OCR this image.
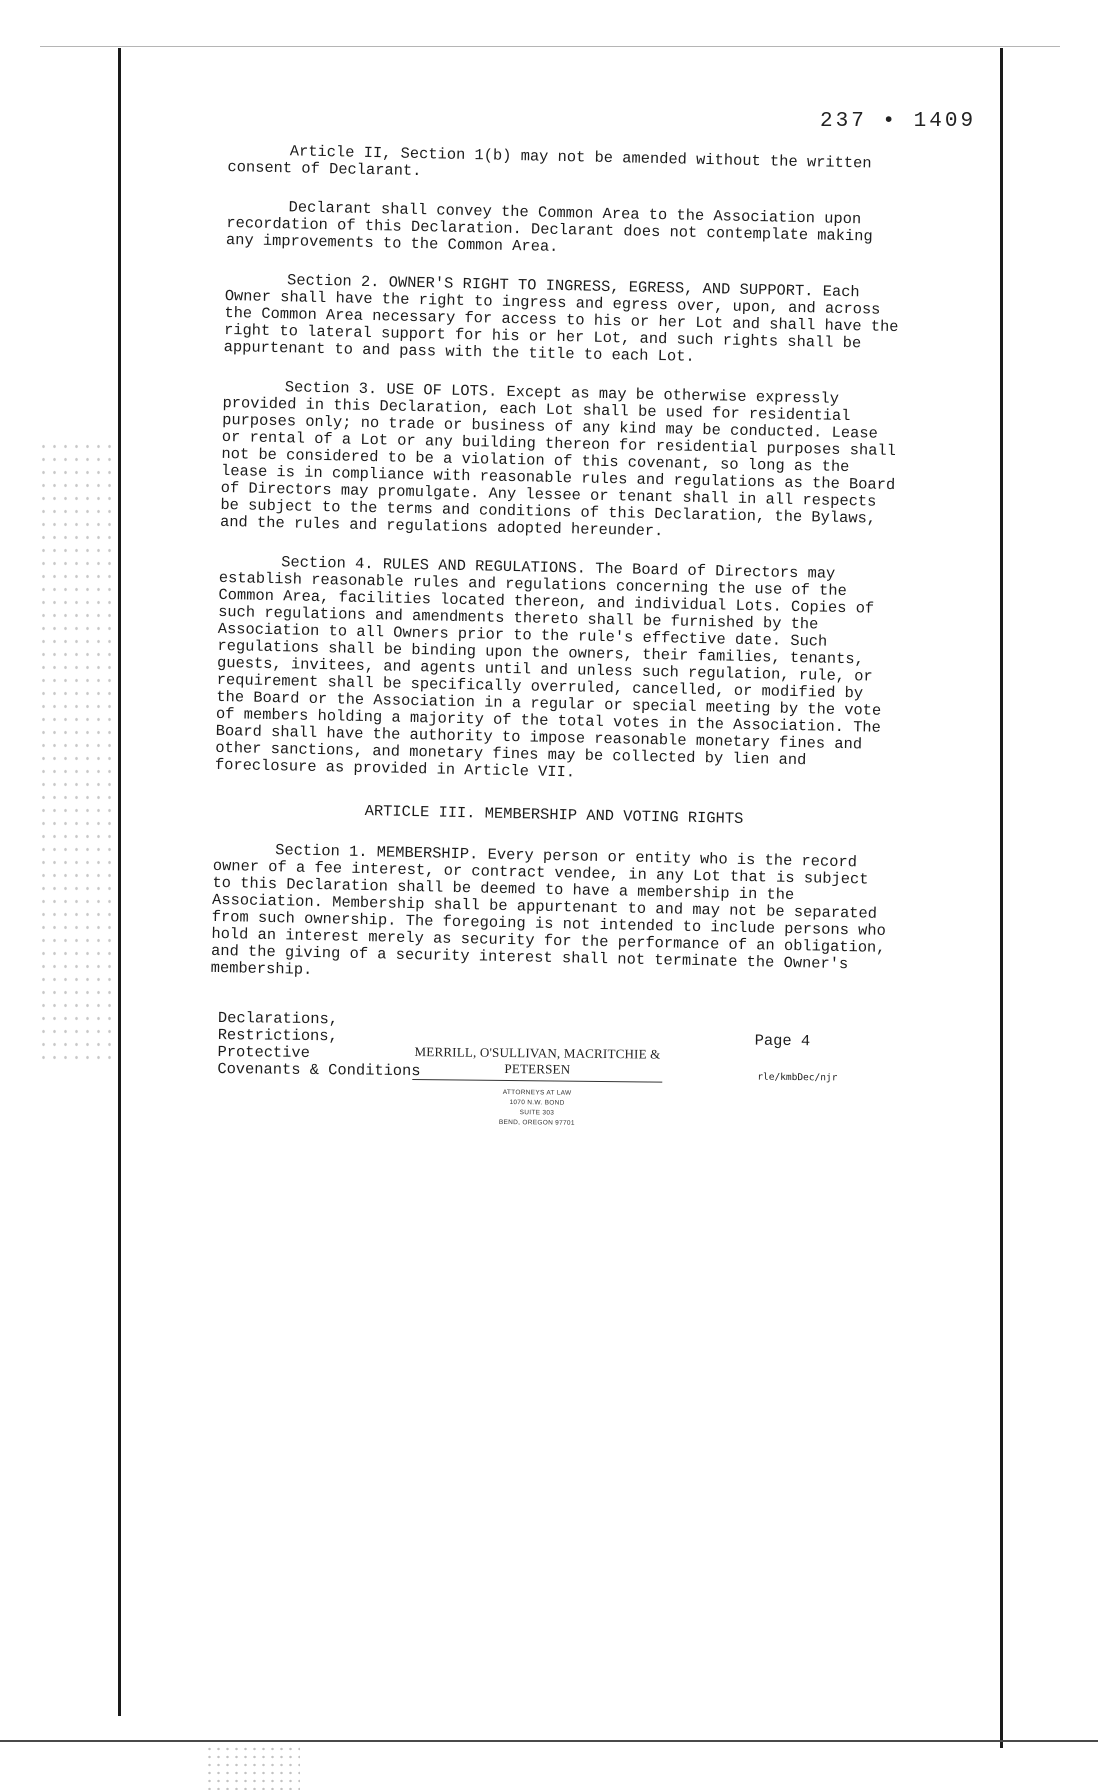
237 • 1409

Article II, Section 1(b) may not be amended without the written consent of Declarant.

Declarant shall convey the Common Area to the Association upon recordation of this Declaration. Declarant does not contemplate making any improvements to the Common Area.

Section 2. OWNER'S RIGHT TO INGRESS, EGRESS, AND SUPPORT. Each Owner shall have the right to ingress and egress over, upon, and across the Common Area necessary for access to his or her Lot and shall have the right to lateral support for his or her Lot, and such rights shall be appurtenant to and pass with the title to each Lot.

Section 3. USE OF LOTS. Except as may be otherwise expressly provided in this Declaration, each Lot shall be used for residential purposes only; no trade or business of any kind may be conducted. Lease or rental of a Lot or any building thereon for residential purposes shall not be considered to be a violation of this covenant, so long as the lease is in compliance with reasonable rules and regulations as the Board of Directors may promulgate. Any lessee or tenant shall in all respects be subject to the terms and conditions of this Declaration, the Bylaws, and the rules and regulations adopted hereunder.

Section 4. RULES AND REGULATIONS. The Board of Directors may establish reasonable rules and regulations concerning the use of the Common Area, facilities located thereon, and individual Lots. Copies of such regulations and amendments thereto shall be furnished by the Association to all Owners prior to the rule's effective date. Such regulations shall be binding upon the owners, their families, tenants, guests, invitees, and agents until and unless such regulation, rule, or requirement shall be specifically overruled, cancelled, or modified by the Board or the Association in a regular or special meeting by the vote of members holding a majority of the total votes in the Association. The Board shall have the authority to impose reasonable monetary fines and other sanctions, and monetary fines may be collected by lien and foreclosure as provided in Article VII.

ARTICLE III. MEMBERSHIP AND VOTING RIGHTS

Section 1. MEMBERSHIP. Every person or entity who is the record owner of a fee interest, or contract vendee, in any Lot that is subject to this Declaration shall be deemed to have a membership in the Association. Membership shall be appurtenant to and may not be separated from such ownership. The foregoing is not intended to include persons who hold an interest merely as security for the performance of an obligation, and the giving of a security interest shall not terminate the Owner's membership.

Declarations,
Restrictions,
Protective
Covenants & Conditions
MERRILL, O'SULLIVAN, MACRITCHIE & PETERSEN
ATTORNEYS AT LAW
1070 N.W. BOND
SUITE 303
BEND, OREGON 97701
Page 4
rle/kmbDec/njr
